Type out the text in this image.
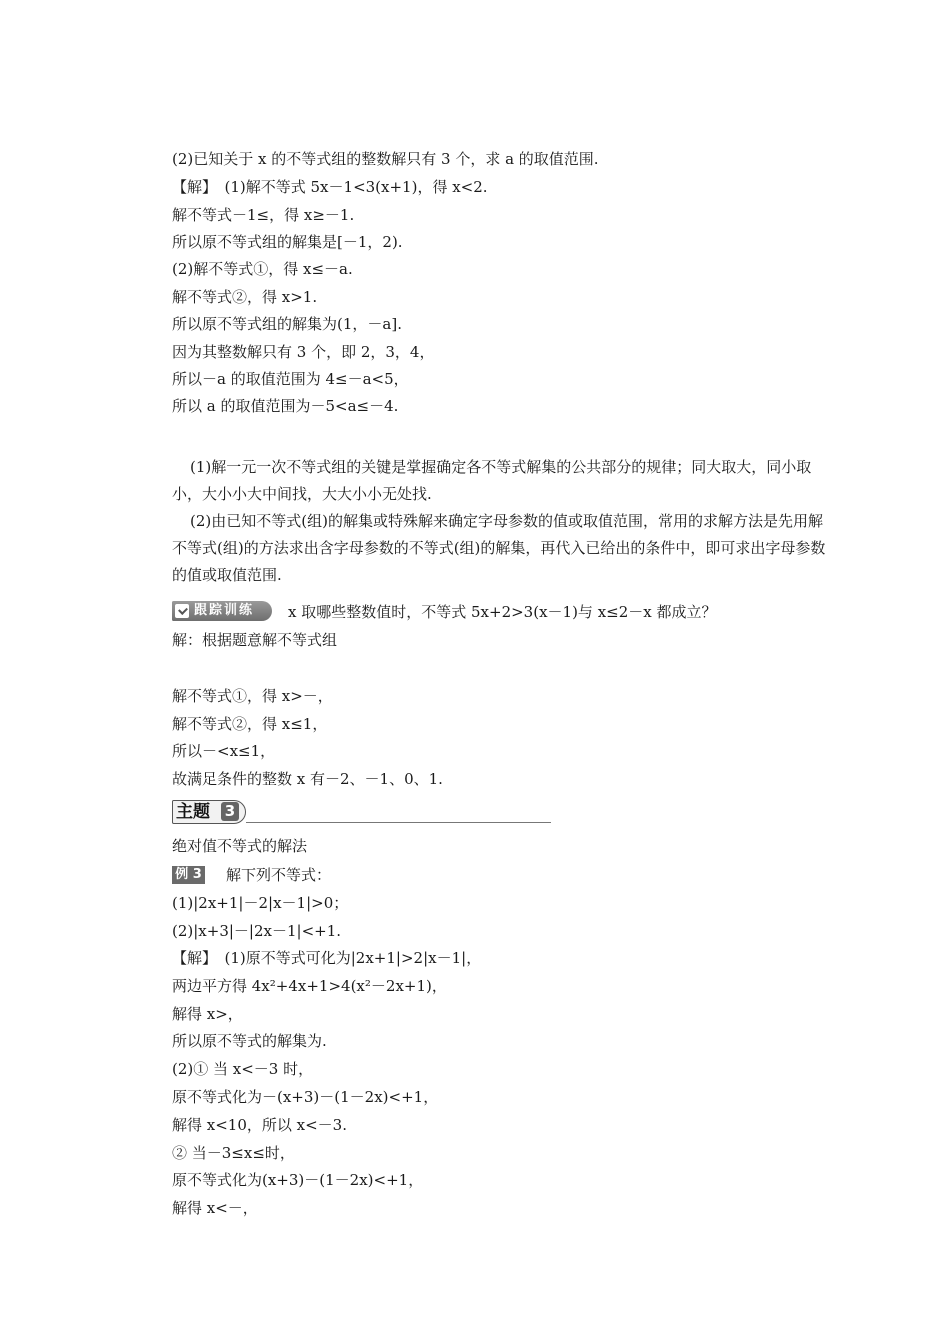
(2)已知关于 x 的不等式组的整数解只有 3 个，求 a 的取值范围.

【解】　(1)解不等式 5x－1<3(x+1)，得 x<2.

解不等式－1≤，得 x≥－1.

所以原不等式组的解集是[－1，2).

(2)解不等式①，得 x≤－a.

解不等式②，得 x>1.

所以原不等式组的解集为(1，－a].

因为其整数解只有 3 个，即 2，3，4，

所以－a 的取值范围为 4≤－a<5，

所以 a 的取值范围为－5<a≤－4.

(1)解一元一次不等式组的关键是掌握确定各不等式解集的公共部分的规律；同大取大，同小取小，大小小大中间找，大大小小无处找.

(2)由已知不等式(组)的解集或特殊解来确定字母参数的值或取值范围，常用的求解方法是先用解不等式(组)的方法求出含字母参数的不等式(组)的解集，再代入已给出的条件中，即可求出字母参数的值或取值范围.

跟踪训练 x 取哪些整数值时，不等式 5x+2>3(x－1)与 x≤2－x 都成立？

解：根据题意解不等式组

解不等式①，得 x>－，

解不等式②，得 x≤1，

所以－<x≤1，

故满足条件的整数 x 有－2、－1、0、1.

主题 3

绝对值不等式的解法

例 3 解下列不等式：

(1)|2x+1|－2|x－1|>0；

(2)|x+3|－|2x－1|<+1.

【解】　(1)原不等式可化为|2x+1|>2|x－1|，

两边平方得 4x²+4x+1>4(x²－2x+1)，

解得 x>，

所以原不等式的解集为.

(2)① 当 x<－3 时，

原不等式化为－(x+3)－(1－2x)<+1，

解得 x<10，所以 x<－3.

② 当－3≤x≤时，

原不等式化为(x+3)－(1－2x)<+1，

解得 x<－，
